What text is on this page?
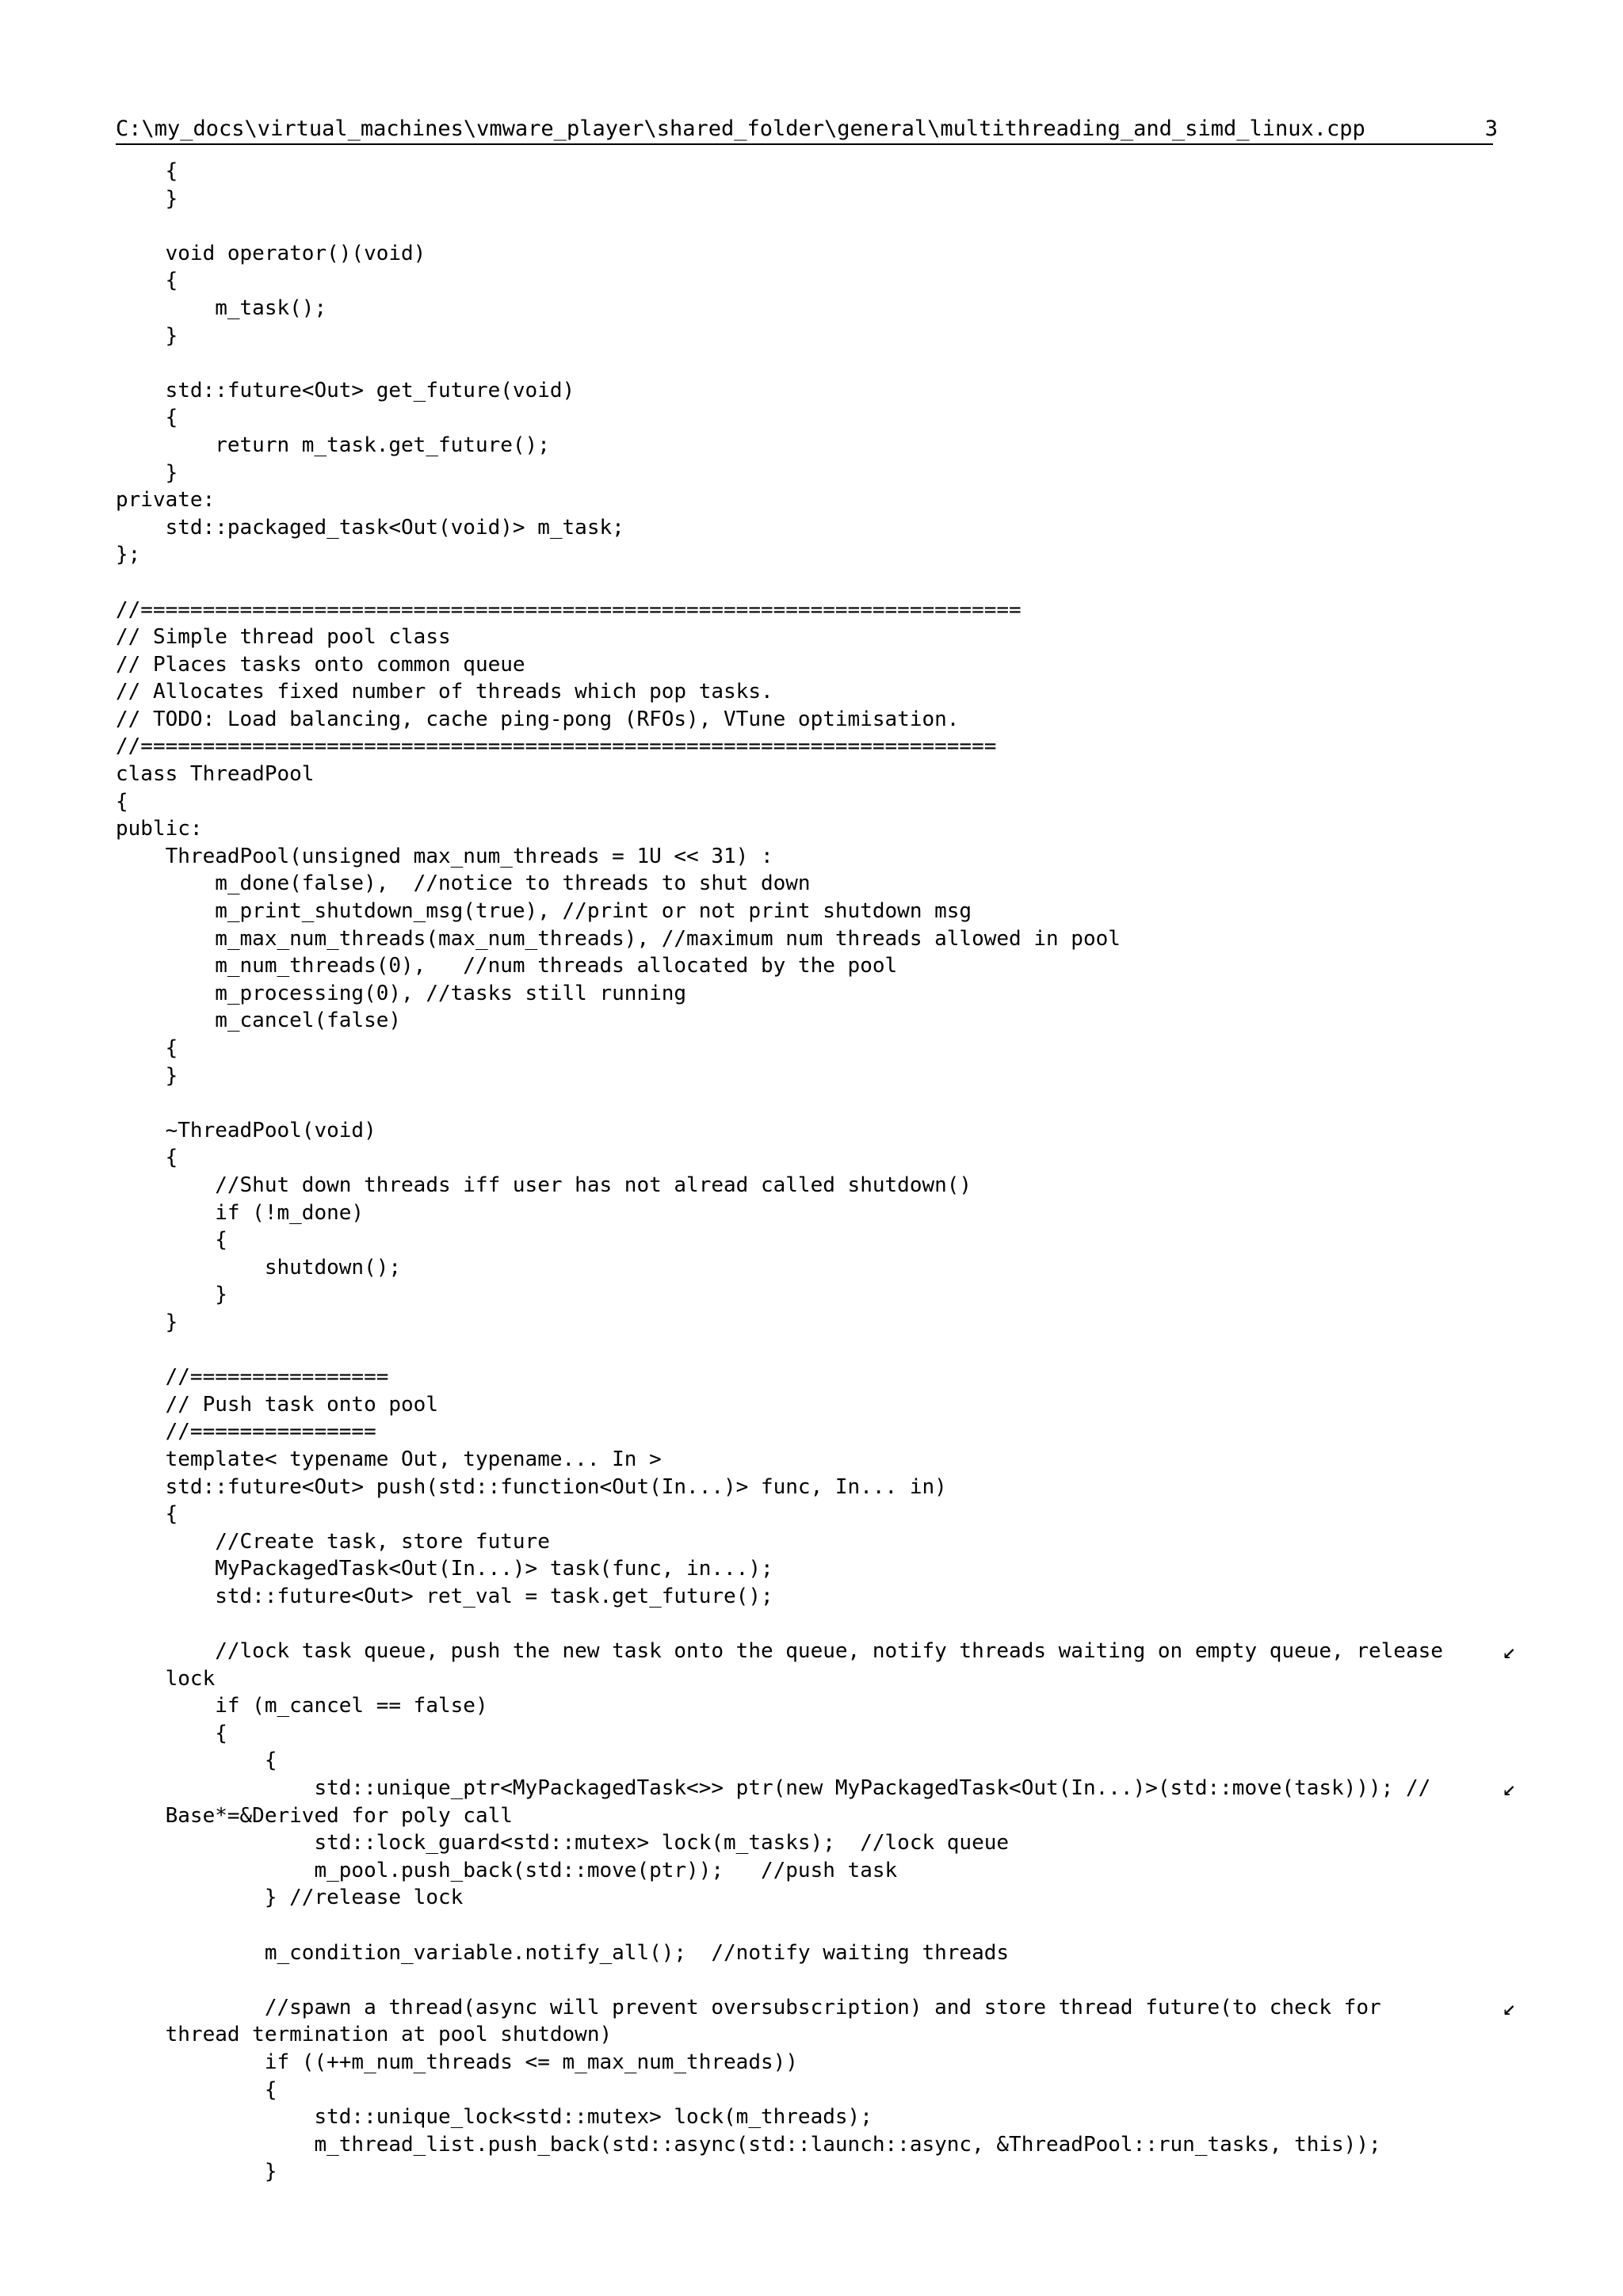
C:\my_docs\virtual_machines\vmware_player\shared_folder\general\multithreading_and_simd_linux.cpp	3
{
}
void operator()(void)
{
m_task();
}
std::future<Out> get_future(void)
{
return m_task.get_future();
}
private:
std::packaged_task<Out(void)> m_task;
};
//=======================================================================
// Simple thread pool class
// Places tasks onto common queue
// Allocates fixed number of threads which pop tasks.
// TODO: Load balancing, cache ping-pong (RFOs), VTune optimisation.
//=====================================================================
class ThreadPool
{
public:
ThreadPool(unsigned max_num_threads = 1U << 31) :
m_done(false),  //notice to threads to shut down
m_print_shutdown_msg(true), //print or not print shutdown msg
m_max_num_threads(max_num_threads), //maximum num threads allowed in pool
m_num_threads(0),   //num threads allocated by the pool
m_processing(0), //tasks still running
m_cancel(false)
{
}
~ThreadPool(void)
{
//Shut down threads iff user has not alread called shutdown()
if (!m_done)
{
shutdown();
}
}
//================
// Push task onto pool
//===============
template< typename Out, typename... In >
std::future<Out> push(std::function<Out(In...)> func, In... in)
{
//Create task, store future
MyPackagedTask<Out(In...)> task(func, in...);
std::future<Out> ret_val = task.get_future();
//lock task queue, push the new task onto the queue, notify threads waiting on empty queue, release	↙
lock
if (m_cancel == false)
{
{
std::unique_ptr<MyPackagedTask<>> ptr(new MyPackagedTask<Out(In...)>(std::move(task))); //	↙
Base*=&Derived for poly call
std::lock_guard<std::mutex> lock(m_tasks);  //lock queue
m_pool.push_back(std::move(ptr));   //push task
} //release lock
m_condition_variable.notify_all();  //notify waiting threads
//spawn a thread(async will prevent oversubscription) and store thread future(to check for	↙
thread termination at pool shutdown)
if ((++m_num_threads <= m_max_num_threads))
{
std::unique_lock<std::mutex> lock(m_threads);
m_thread_list.push_back(std::async(std::launch::async, &ThreadPool::run_tasks, this));
}
